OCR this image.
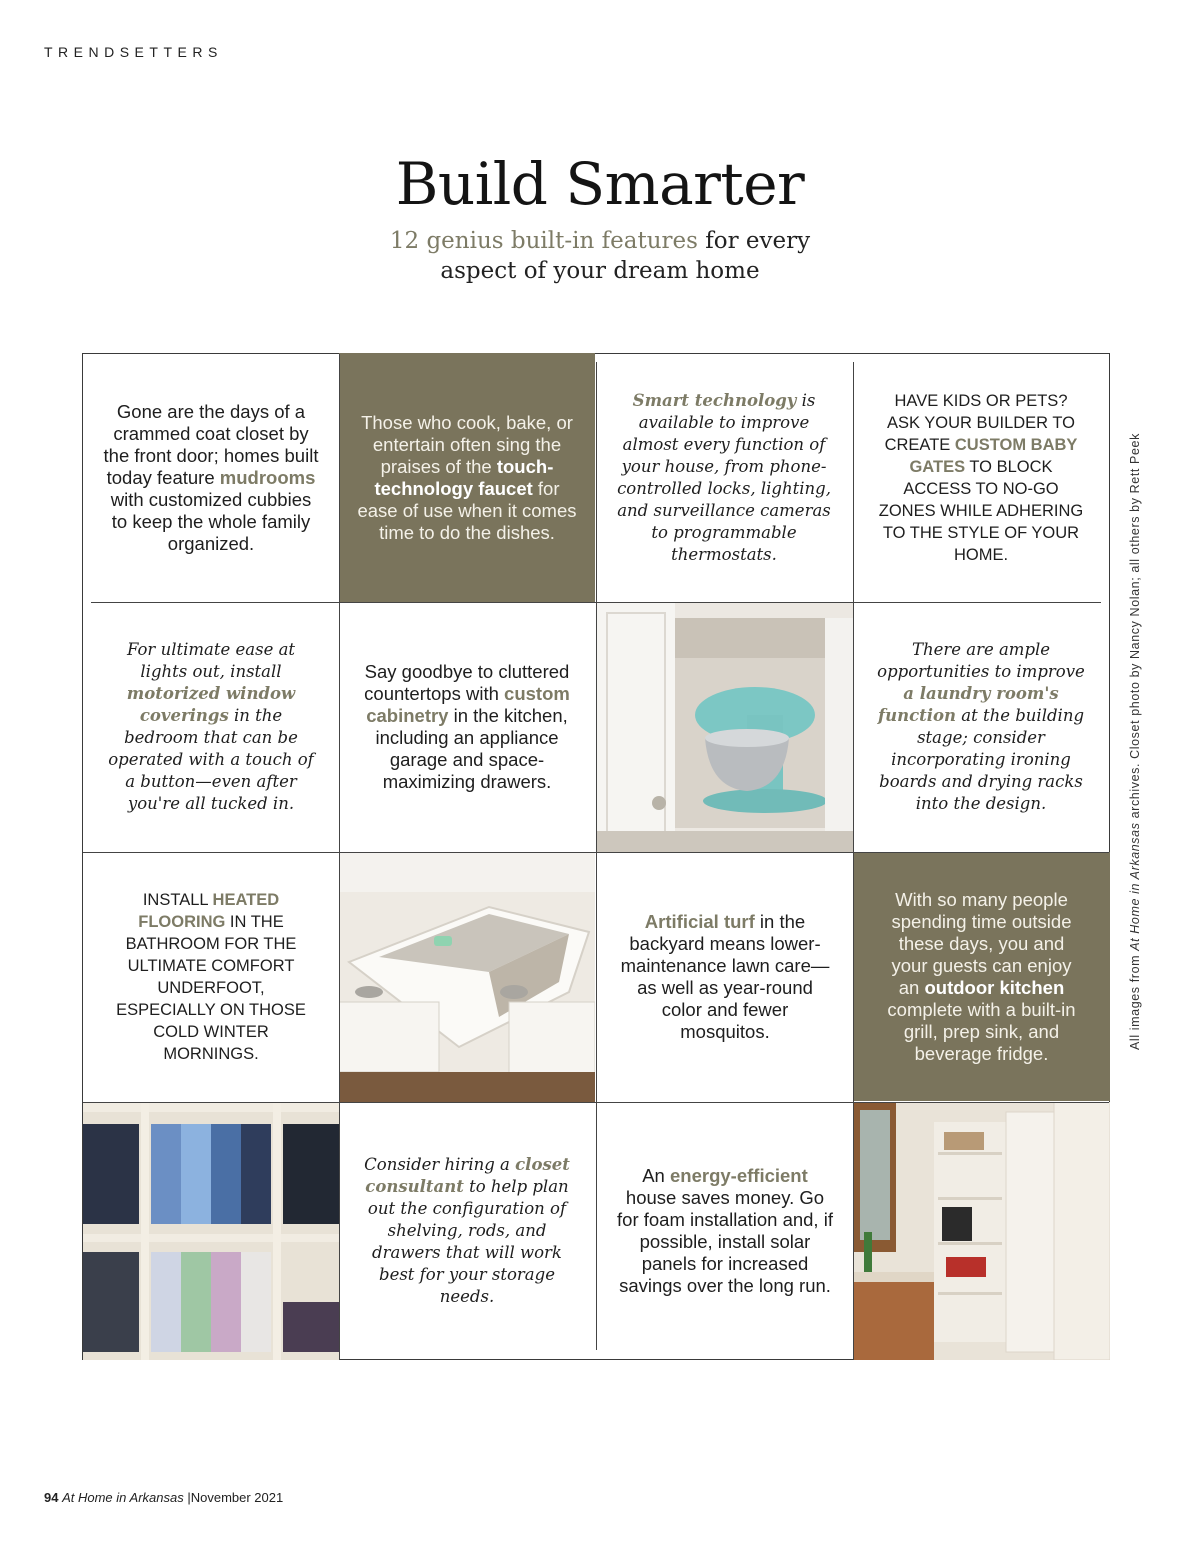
TRENDSETTERS
Build Smarter
12 genius built-in features for every
aspect of your dream home
Gone are the days of a crammed coat closet by the front door; homes built today feature mudrooms with customized cubbies to keep the whole family organized.
Those who cook, bake, or entertain often sing the praises of the touch-technology faucet for ease of use when it comes time to do the dishes.
Smart technology is available to improve almost every function of your house, from phone-controlled locks, lighting, and surveillance cameras to programmable thermostats.
HAVE KIDS OR PETS? ASK YOUR BUILDER TO CREATE CUSTOM BABY GATES TO BLOCK ACCESS TO NO-GO ZONES WHILE ADHERING TO THE STYLE OF YOUR HOME.
For ultimate ease at lights out, install motorized window coverings in the bedroom that can be operated with a touch of a button—even after you're all tucked in.
Say goodbye to cluttered countertops with custom cabinetry in the kitchen, including an appliance garage and space-maximizing drawers.
There are ample opportunities to improve a laundry room's function at the building stage; consider incorporating ironing boards and drying racks into the design.
INSTALL HEATED FLOORING IN THE BATHROOM FOR THE ULTIMATE COMFORT UNDERFOOT, ESPECIALLY ON THOSE COLD WINTER MORNINGS.
Artificial turf in the backyard means lower-maintenance lawn care—as well as year-round color and fewer mosquitos.
With so many people spending time outside these days, you and your guests can enjoy an outdoor kitchen complete with a built-in grill, prep sink, and beverage fridge.
Consider hiring a closet consultant to help plan out the configuration of shelving, rods, and drawers that will work best for your storage needs.
An energy-efficient house saves money. Go for foam installation and, if possible, install solar panels for increased savings over the long run.
All images from At Home in Arkansas archives. Closet photo by Nancy Nolan; all others by Rett Peek
94 At Home in Arkansas |November 2021
